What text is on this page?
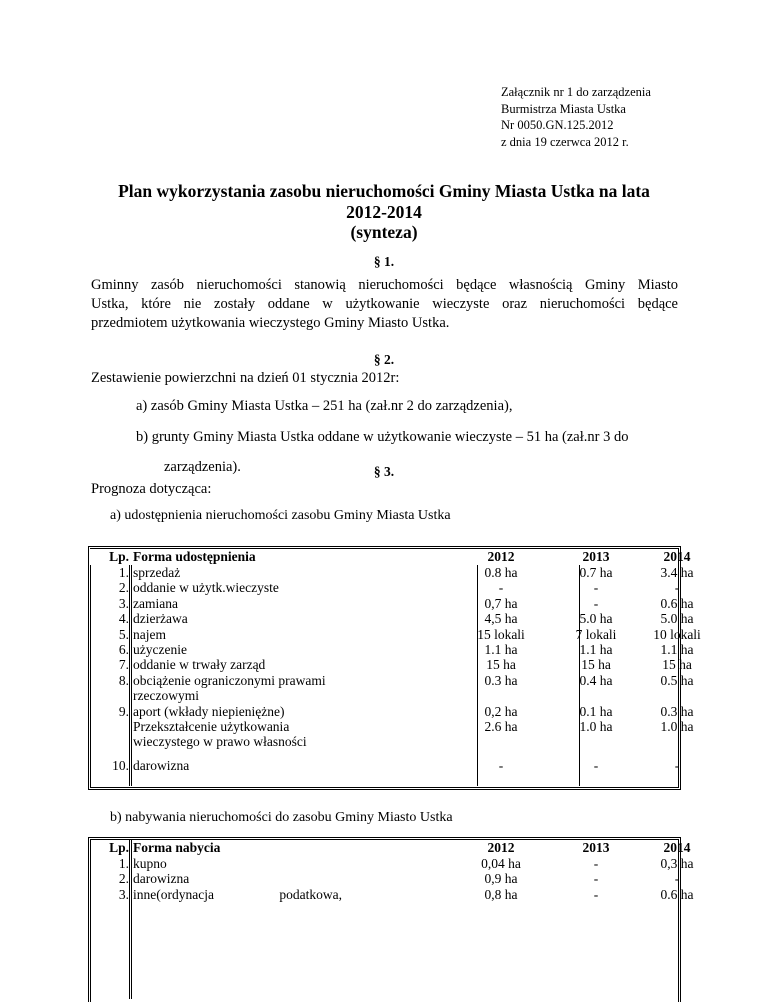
Załącznik nr 1 do zarządzenia
Burmistrza Miasta Ustka
Nr 0050.GN.125.2012
z dnia 19 czerwca 2012 r.
Plan wykorzystania zasobu nieruchomości Gminy Miasta Ustka na lata
2012-2014
(synteza)
§ 1.
Gminny zasób nieruchomości stanowią nieruchomości będące własnością Gminy Miasto
Ustka, które nie zostały oddane w użytkowanie wieczyste oraz nieruchomości będące
przedmiotem użytkowania wieczystego Gminy Miasto Ustka.
§ 2.
Zestawienie powierzchni na dzień 01 stycznia 2012r:
a) zasób Gminy Miasta Ustka – 251 ha (zał.nr 2 do zarządzenia),
b) grunty Gminy Miasta Ustka oddane w użytkowanie wieczyste – 51 ha (zał.nr 3 do
zarządzenia).	§ 3.
Prognoza dotycząca:
a) udostępnienia nieruchomości zasobu Gminy Miasta Ustka
Lp. Forma udostępnienia	2012	2013	2014
1. sprzedaż	0.8 ha	0.7 ha	3.4 ha
2. oddanie w użytk.wieczyste	-	-	-
3. zamiana	0,7 ha	-	0.6 ha
4. dzierżawa	4,5 ha	5.0 ha	5.0 ha
5. najem	15 lokali	7 lokali	10 lokali
6. użyczenie	1.1 ha	1.1 ha	1.1 ha
7. oddanie w trwały zarząd	15 ha	15 ha	15 ha
8. obciążenie ograniczonymi prawami	0.3 ha	0.4 ha	0.5 ha
rzeczowymi
9. aport (wkłady niepieniężne)	0,2 ha	0.1 ha	0.3 ha
Przekształcenie użytkowania	2.6 ha	1.0 ha	1.0 ha
wieczystego w prawo własności
10. darowizna	-	-	-
b) nabywania nieruchomości do zasobu Gminy Miasto Ustka
Lp. Forma nabycia	2012	2013	2014
1. kupno	0,04 ha	-	0,3 ha
2. darowizna	0,9 ha	-	-
3. inne(ordynacja	0,8 ha	-	0.6 ha
podatkowa,
